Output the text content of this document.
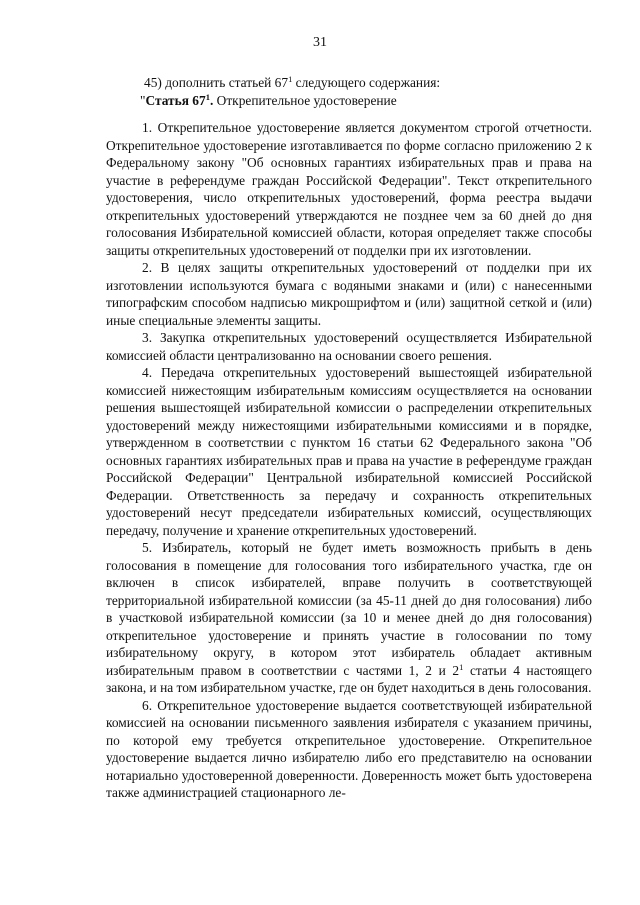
31

45) дополнить статьей $67^1$ следующего содержания:

"Статья $67^1$. Открепительное удостоверение

1. Открепительное удостоверение является документом строгой отчетности. Открепительное удостоверение изготавливается по форме согласно приложению 2 к Федеральному закону "Об основных гарантиях избирательных прав и права на участие в референдуме граждан Российской Федерации". Текст открепительного удостоверения, число открепительных удостоверений, форма реестра выдачи открепительных удостоверений утверждаются не позднее чем за 60 дней до дня голосования Избирательной комиссией области, которая определяет также способы защиты открепительных удостоверений от подделки при их изготовлении.

2. В целях защиты открепительных удостоверений от подделки при их изготовлении используются бумага с водяными знаками и (или) с нанесенными типографским способом надписью микрошрифтом и (или) защитной сеткой и (или) иные специальные элементы защиты.

3. Закупка открепительных удостоверений осуществляется Избирательной комиссией области централизованно на основании своего решения.

4. Передача открепительных удостоверений вышестоящей избирательной комиссией нижестоящим избирательным комиссиям осуществляется на основании решения вышестоящей избирательной комиссии о распределении открепительных удостоверений между нижестоящими избирательными комиссиями и в порядке, утвержденном в соответствии с пунктом 16 статьи 62 Федерального закона "Об основных гарантиях избирательных прав и права на участие в референдуме граждан Российской Федерации" Центральной избирательной комиссией Российской Федерации. Ответственность за передачу и сохранность открепительных удостоверений несут председатели избирательных комиссий, осуществляющих передачу, получение и хранение открепительных удостоверений.

5. Избиратель, который не будет иметь возможность прибыть в день голосования в помещение для голосования того избирательного участка, где он включен в список избирателей, вправе получить в соответствующей территориальной избирательной комиссии (за 45-11 дней до дня голосования) либо в участковой избирательной комиссии (за 10 и менее дней до дня голосования) открепительное удостоверение и принять участие в голосовании по тому избирательному округу, в котором этот избиратель обладает активным избирательным правом в соответствии с частями 1, 2 и $2^1$ статьи 4 настоящего закона, и на том избирательном участке, где он будет находиться в день голосования.

6. Открепительное удостоверение выдается соответствующей избирательной комиссией на основании письменного заявления избирателя с указанием причины, по которой ему требуется открепительное удостоверение. Открепительное удостоверение выдается лично избирателю либо его представителю на основании нотариально удостоверенной доверенности. Доверенность может быть удостоверена также администрацией стационарного ле-
